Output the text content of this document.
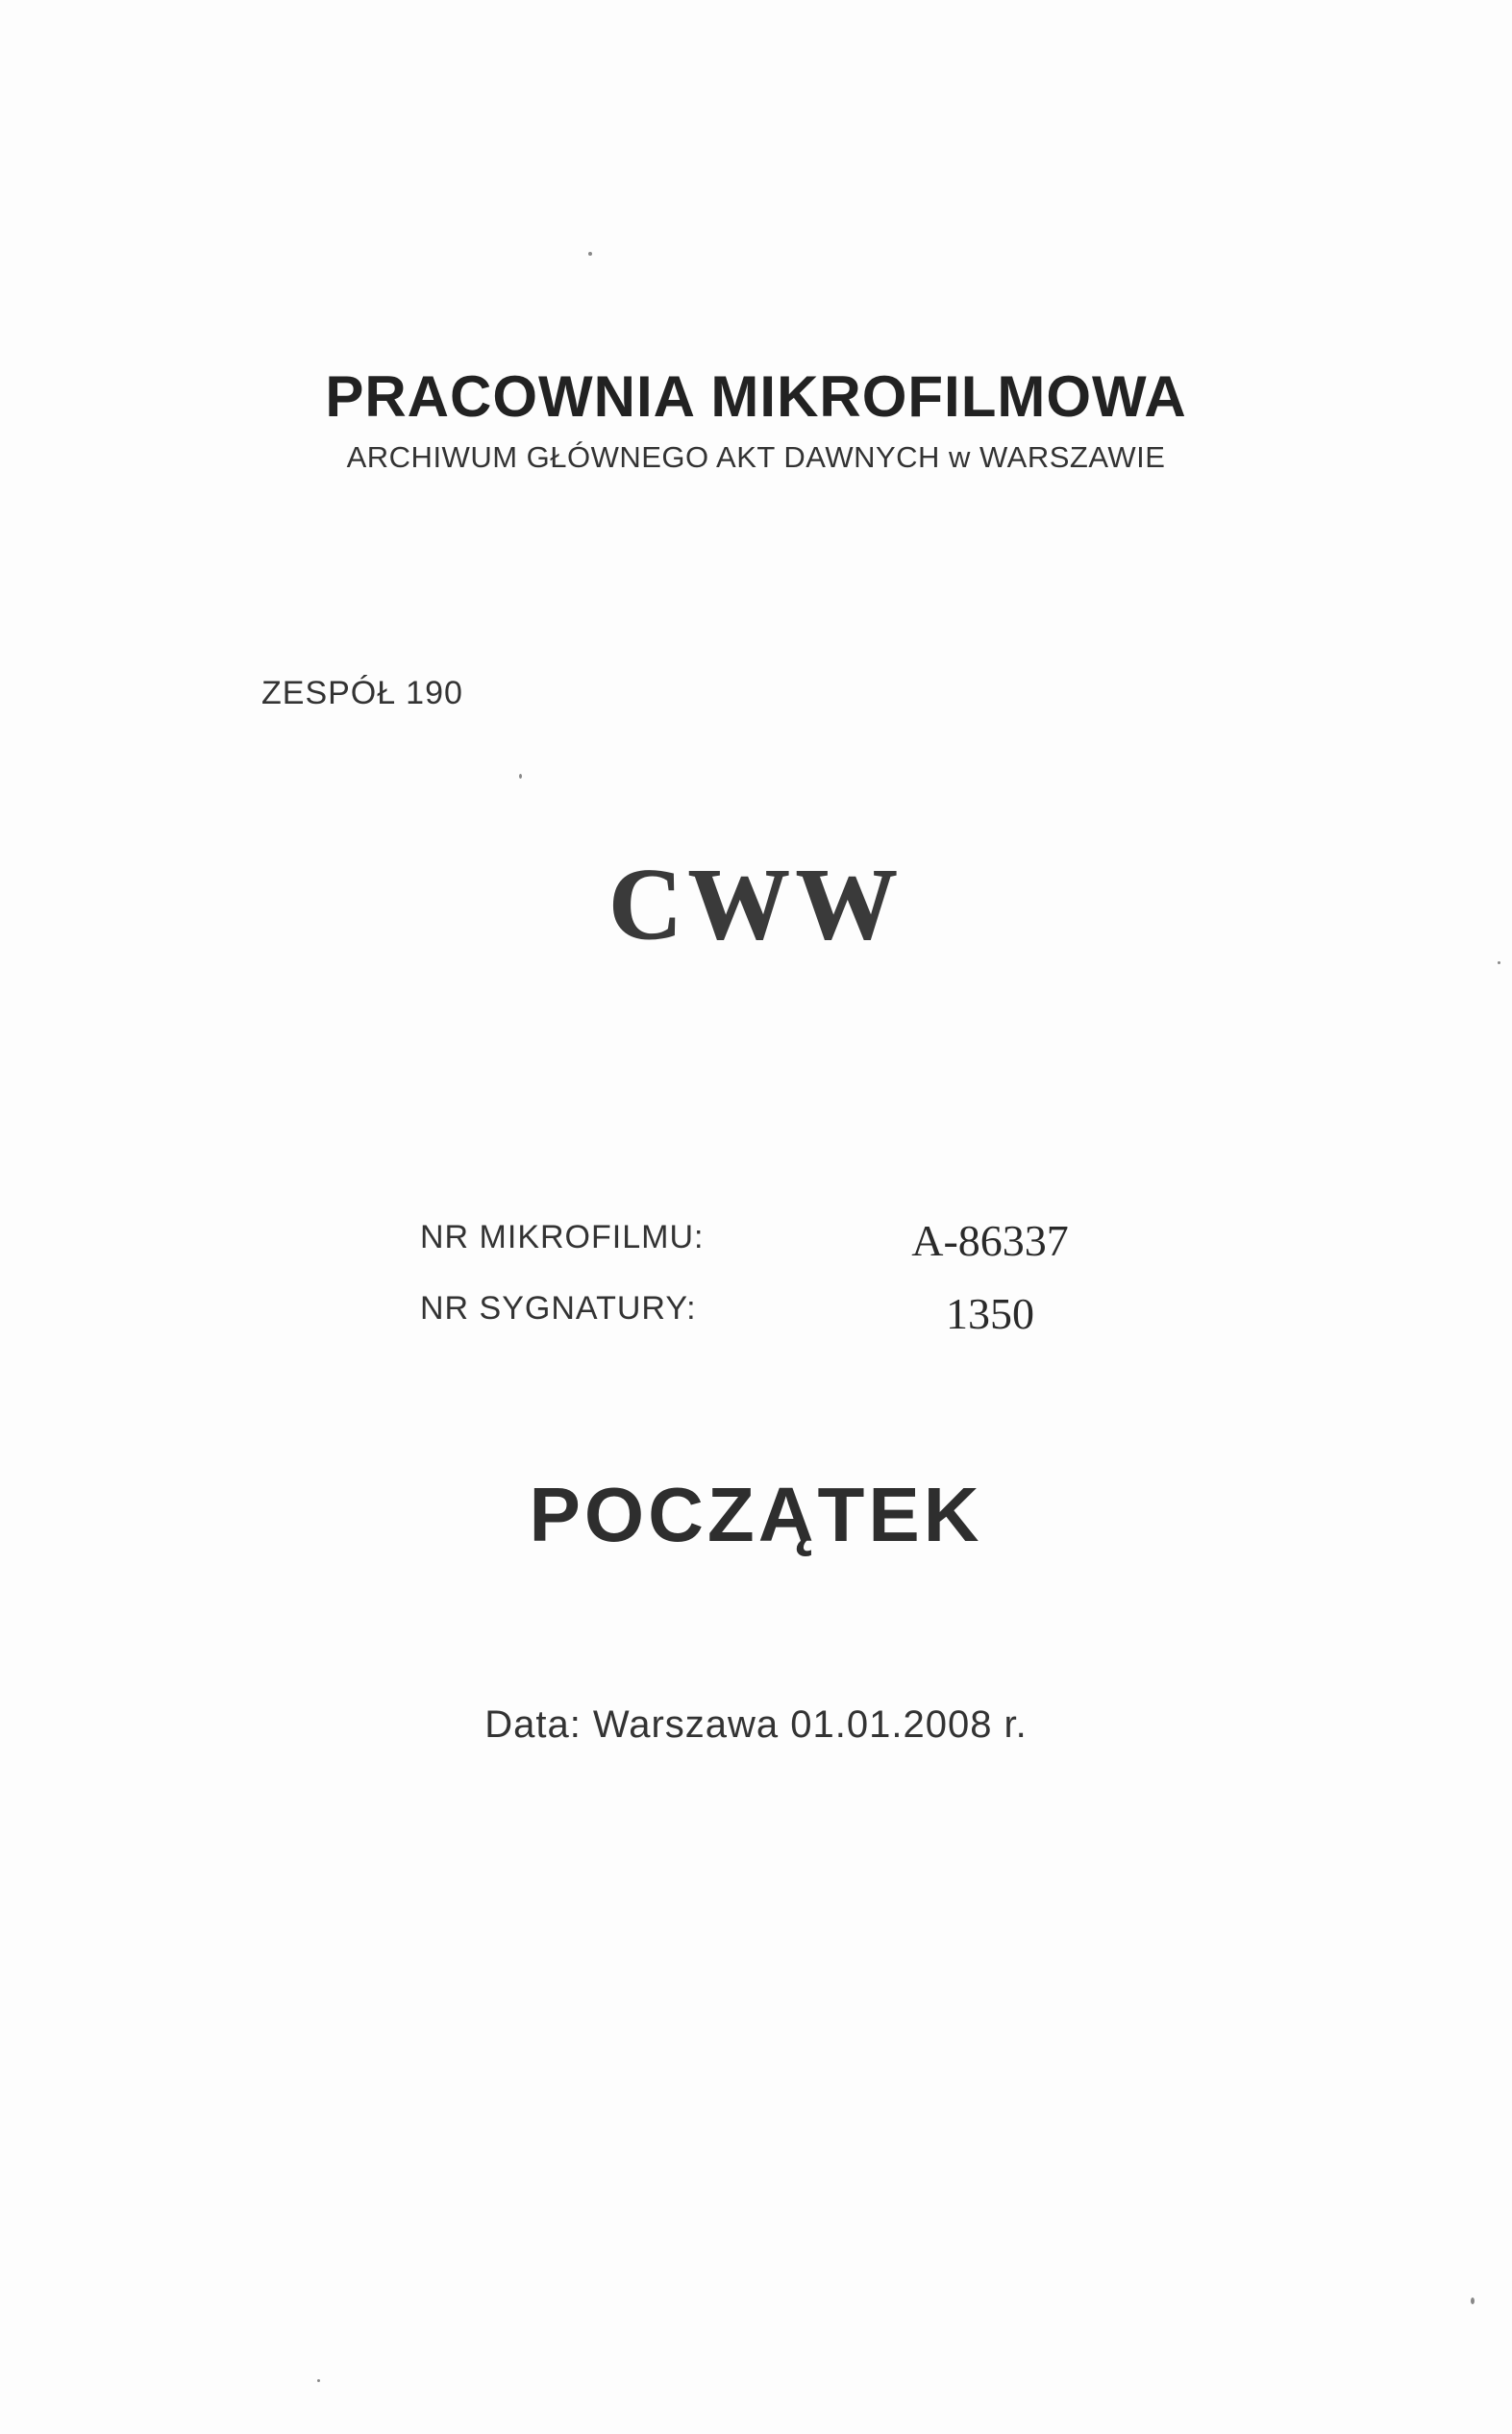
PRACOWNIA MIKROFILMOWA
ARCHIWUM GŁÓWNEGO AKT DAWNYCH w WARSZAWIE
ZESPÓŁ 190
CWW
NR MIKROFILMU:	A-86337
NR SYGNATURY:	1350
POCZĄTEK
Data: Warszawa 01.01.2008 r.
